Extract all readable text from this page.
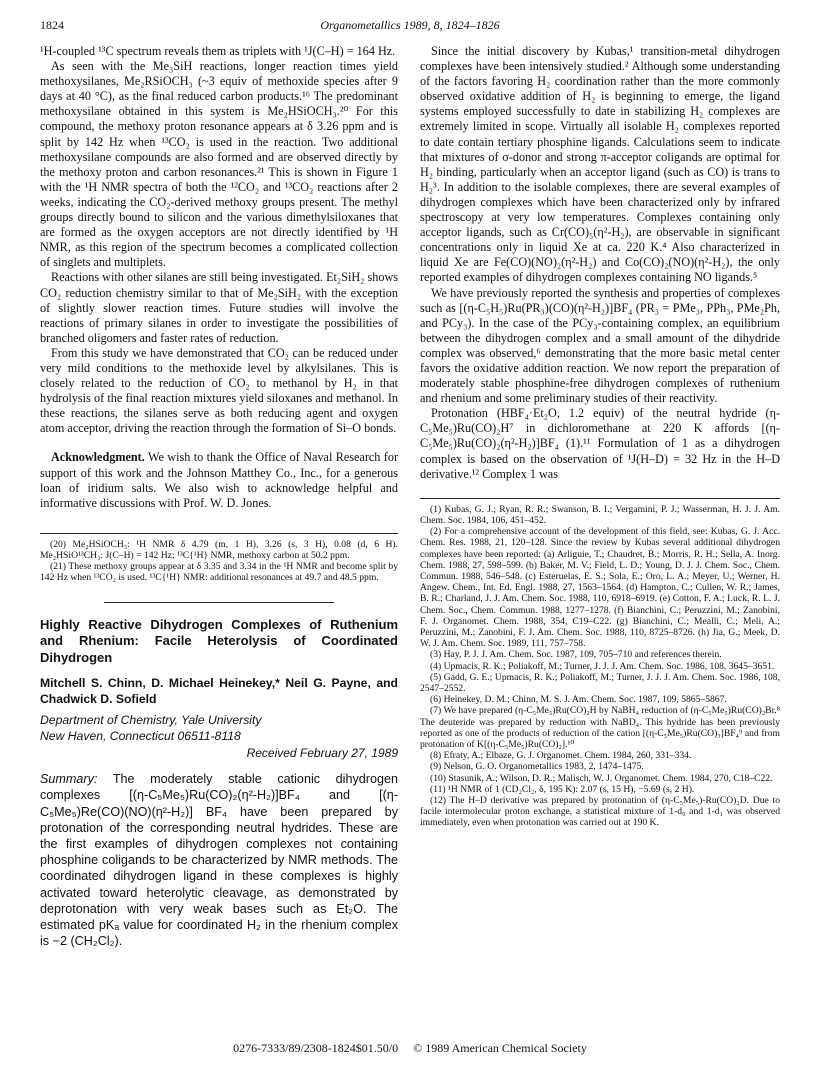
1824	Organometallics 1989, 8, 1824–1826

¹H-coupled ¹³C spectrum reveals them as triplets with ¹J(C–H) = 164 Hz.

As seen with the Me₃SiH reactions, longer reaction times yield methoxysilanes, Me₂RSiOCH₃ (~3 equiv of methoxide species after 9 days at 40 °C), as the final reduced carbon products.¹⁶ The predominant methoxysilane obtained in this system is Me₂HSiOCH₃.²⁰ For this compound, the methoxy proton resonance appears at δ 3.26 ppm and is split by 142 Hz when ¹³CO₂ is used in the reaction. Two additional methoxysilane compounds are also formed and are observed directly by the methoxy proton and carbon resonances.²¹ This is shown in Figure 1 with the ¹H NMR spectra of both the ¹²CO₂ and ¹³CO₂ reactions after 2 weeks, indicating the CO₂-derived methoxy groups present. The methyl groups directly bound to silicon and the various dimethylsiloxanes that are formed as the oxygen acceptors are not directly identified by ¹H NMR, as this region of the spectrum becomes a complicated collection of singlets and multiplets.

Reactions with other silanes are still being investigated. Et₂SiH₂ shows CO₂ reduction chemistry similar to that of Me₂SiH₂ with the exception of slightly slower reaction times. Future studies will involve the reactions of primary silanes in order to investigate the possibilities of branched oligomers and faster rates of reduction.

From this study we have demonstrated that CO₂ can be reduced under very mild conditions to the methoxide level by alkylsilanes. This is closely related to the reduction of CO₂ to methanol by H₂ in that hydrolysis of the final reaction mixtures yield siloxanes and methanol. In these reactions, the silanes serve as both reducing agent and oxygen atom acceptor, driving the reaction through the formation of Si–O bonds.

Acknowledgment. We wish to thank the Office of Naval Research for support of this work and the Johnson Matthey Co., Inc., for a generous loan of iridium salts. We also wish to acknowledge helpful and informative discussions with Prof. W. D. Jones.

(20) Me₂HSiOCH₃: ¹H NMR δ 4.79 (m, 1 H), 3.26 (s, 3 H), 0.08 (d, 6 H). Me₂HSiO¹³CH₃: J(C–H) = 142 Hz; ¹³C{¹H} NMR, methoxy carbon at 50.2 ppm.

(21) These methoxy groups appear at δ 3.35 and 3.34 in the ¹H NMR and become split by 142 Hz when ¹³CO₂ is used. ¹³C{¹H} NMR: additional resonances at 49.7 and 48.5 ppm.

Highly Reactive Dihydrogen Complexes of Ruthenium and Rhenium: Facile Heterolysis of Coordinated Dihydrogen
Mitchell S. Chinn, D. Michael Heinekey,* Neil G. Payne, and Chadwick D. Sofield
Department of Chemistry, Yale University
New Haven, Connecticut 06511-8118
Received February 27, 1989
Summary: The moderately stable cationic dihydrogen complexes [(η-C₅Me₅)Ru(CO)₂(η²-H₂)]BF₄ and [(η-C₅Me₅)Re(CO)(NO)(η²-H₂)] BF₄ have been prepared by protonation of the corresponding neutral hydrides. These are the first examples of dihydrogen complexes not containing phosphine coligands to be characterized by NMR methods. The coordinated dihydrogen ligand in these complexes is highly activated toward heterolytic cleavage, as demonstrated by deprotonation with very weak bases such as Et₂O. The estimated pKₐ value for coordinated H₂ in the rhenium complex is −2 (CH₂Cl₂).

Since the initial discovery by Kubas,¹ transition-metal dihydrogen complexes have been intensively studied.² Although some understanding of the factors favoring H₂ coordination rather than the more commonly observed oxidative addition of H₂ is beginning to emerge, the ligand systems employed successfully to date in stabilizing H₂ complexes are extremely limited in scope. Virtually all isolable H₂ complexes reported to date contain tertiary phosphine ligands. Calculations seem to indicate that mixtures of σ-donor and strong π-acceptor coligands are optimal for H₂ binding, particularly when an acceptor ligand (such as CO) is trans to H₂³. In addition to the isolable complexes, there are several examples of dihydrogen complexes which have been characterized only by infrared spectroscopy at very low temperatures. Complexes containing only acceptor ligands, such as Cr(CO)₅(η²-H₂), are observable in significant concentrations only in liquid Xe at ca. 220 K.⁴ Also characterized in liquid Xe are Fe(CO)(NO)₂(η²-H₂) and Co(CO)₂(NO)(η²-H₂), the only reported examples of dihydrogen complexes containing NO ligands.⁵

We have previously reported the synthesis and properties of complexes such as [(η-C₅H₅)Ru(PR₃)(CO)(η²-H₂)]BF₄ (PR₃ = PMe₃, PPh₃, PMe₂Ph, and PCy₃). In the case of the PCy₃-containing complex, an equilibrium between the dihydrogen complex and a small amount of the dihydride complex was observed,⁶ demonstrating that the more basic metal center favors the oxidative addition reaction. We now report the preparation of moderately stable phosphine-free dihydrogen complexes of ruthenium and rhenium and some preliminary studies of their reactivity.

Protonation (HBF₄·Et₂O, 1.2 equiv) of the neutral hydride (η-C₅Me₅)Ru(CO)₂H⁷ in dichloromethane at 220 K affords [(η-C₅Me₅)Ru(CO)₂(η²-H₂)]BF₄ (1).¹¹ Formulation of 1 as a dihydrogen complex is based on the observation of ¹J(H–D) = 32 Hz in the H–D derivative.¹² Complex 1 was

(1) Kubas, G. J.; Ryan, R. R.; Swanson, B. I.; Vergamini, P. J.; Wasserman, H. J. J. Am. Chem. Soc. 1984, 106, 451–452.

(2) For a comprehensive account of the development of this field, see: Kubas, G. J. Acc. Chem. Res. 1988, 21, 120–128. Since the review by Kubas several additional dihydrogen complexes have been reported: (a) Arliguie, T.; Chaudret, B.; Morris, R. H.; Sella, A. Inorg. Chem. 1988, 27, 598–599. (b) Baker, M. V.; Field, L. D.; Young, D. J. J. Chem. Soc., Chem. Commun. 1988, 546–548. (c) Esteruelas, E. S.; Sola, E.; Oro, L. A.; Meyer, U.; Werner, H. Angew. Chem., Int. Ed. Engl. 1988, 27, 1563–1564. (d) Hampton, C.; Cullen, W. R.; James, B. R.; Charland, J. J. Am. Chem. Soc. 1988, 110, 6918–6919. (e) Cotton, F. A.; Luck, R. L. J. Chem. Soc., Chem. Commun. 1988, 1277–1278. (f) Bianchini, C.; Peruzzini, M.; Zanobini, F. J. Organomet. Chem. 1988, 354, C19–C22. (g) Bianchini, C.; Mealli, C.; Meli, A.; Peruzzini, M.; Zanobini, F. J. Am. Chem. Soc. 1988, 110, 8725–8726. (h) Jia, G.; Meek, D. W. J. Am. Chem. Soc. 1989, 111, 757–758.

(3) Hay, P. J. J. Am. Chem. Soc. 1987, 109, 705–710 and references therein.

(4) Upmacis, R. K.; Poliakoff, M.; Turner, J. J. J. Am. Chem. Soc. 1986, 108, 3645–3651.

(5) Gadd, G. E.; Upmacis, R. K.; Poliakoff, M.; Turner, J. J. J. Am. Chem. Soc. 1986, 108, 2547–2552.

(6) Heinekey, D. M.; Chinn, M. S. J. Am. Chem. Soc. 1987, 109, 5865–5867.

(7) We have prepared (η-C₅Me₅)Ru(CO)₂H by NaBH₄ reduction of (η-C₅Me₅)Ru(CO)₂Br.⁸ The deuteride was prepared by reduction with NaBD₄. This hydride has been previously reported as one of the products of reduction of the cation [(η-C₅Me₅)Ru(CO)₃]BF₄⁹ and from protonation of K[(η-C₅Me₅)Ru(CO)₂].¹⁰

(8) Efraty, A.; Elbaze, G. J. Organomet. Chem. 1984, 260, 331–334.

(9) Nelson, G. O. Organometallics 1983, 2, 1474–1475.

(10) Stasunik, A.; Wilson, D. R.; Malisch, W. J. Organomet. Chem. 1984, 270, C18–C22.

(11) ¹H NMR of 1 (CD₂Cl₂, δ, 195 K): 2.07 (s, 15 H), −5.69 (s, 2 H).

(12) The H–D derivative was prepared by protonation of (η-C₅Me₅)-Ru(CO)₂D. Due to facile intermolecular proton exchange, a statistical mixture of 1-d₀ and 1-d₁ was observed immediately, even when protonation was carried out at 190 K.

0276-7333/89/2308-1824$01.50/0 © 1989 American Chemical Society
